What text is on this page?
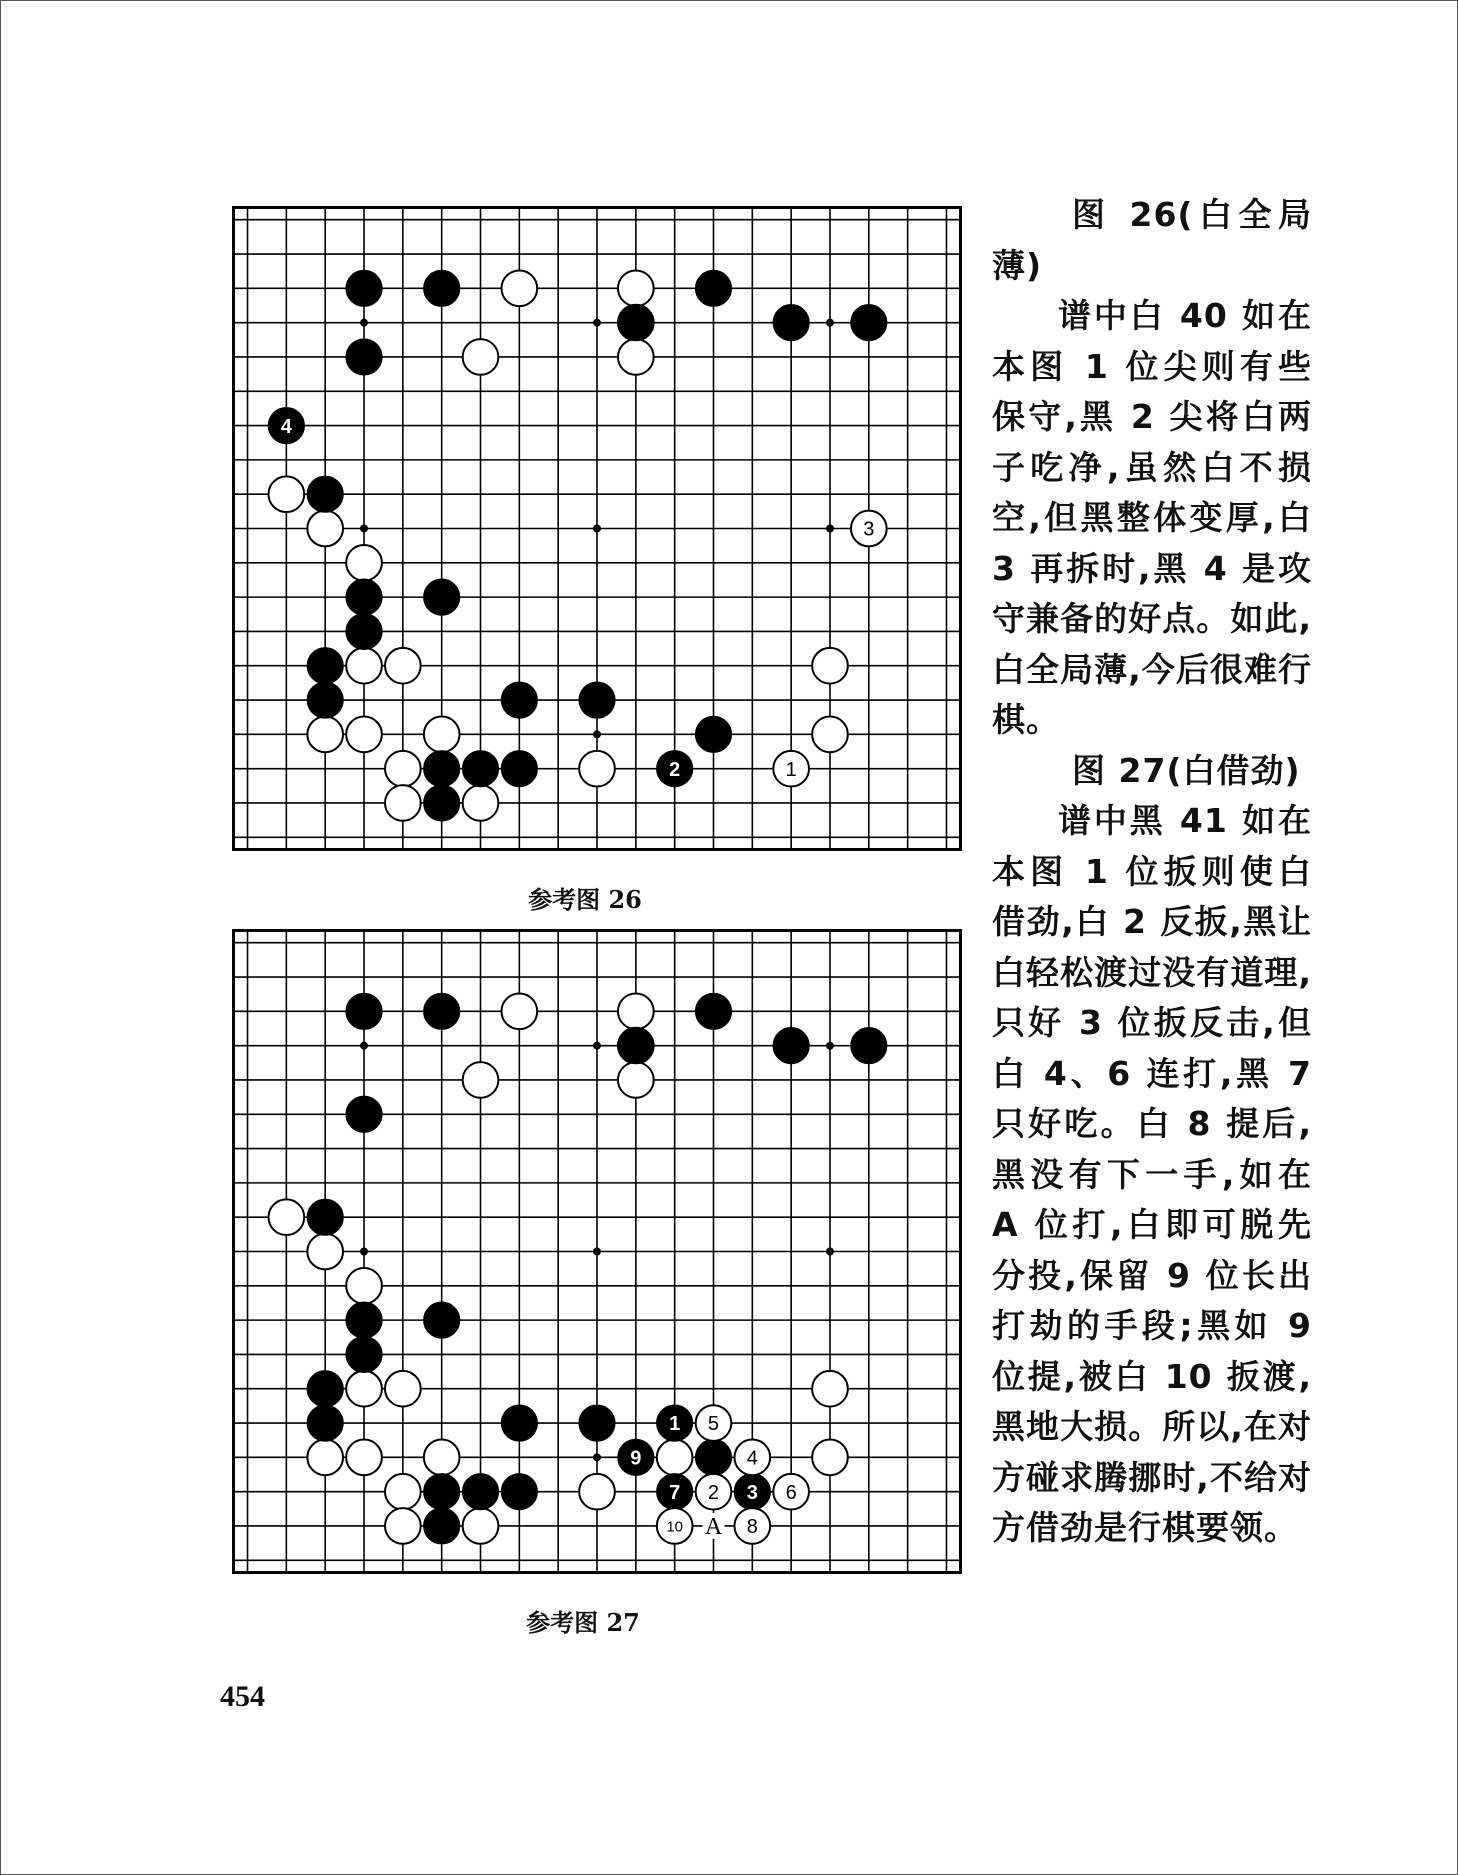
1
2
3
4
参考图 26
1
2 3
4
5
6
7
8
9
10 A
参考图 27

图 26(白全局薄)

谱中白 40 如在本图 1 位尖则有些保守,黑 2 尖将白两子吃净,虽然白不损空,但黑整体变厚,白 3 再拆时,黑 4 是攻守兼备的好点。如此,白全局薄,今后很难行棋。

图 27(白借劲)

谱中黑 41 如在本图 1 位扳则使白借劲,白 2 反扳,黑让白轻松渡过没有道理,只好 3 位扳反击,但白 4、6 连打,黑 7 只好吃。白 8 提后,黑没有下一手,如在 A 位打,白即可脱先分投,保留 9 位长出打劫的手段;黑如 9 位提,被白 10 扳渡,黑地大损。所以,在对方碰求腾挪时,不给对方借劲是行棋要领。

454
